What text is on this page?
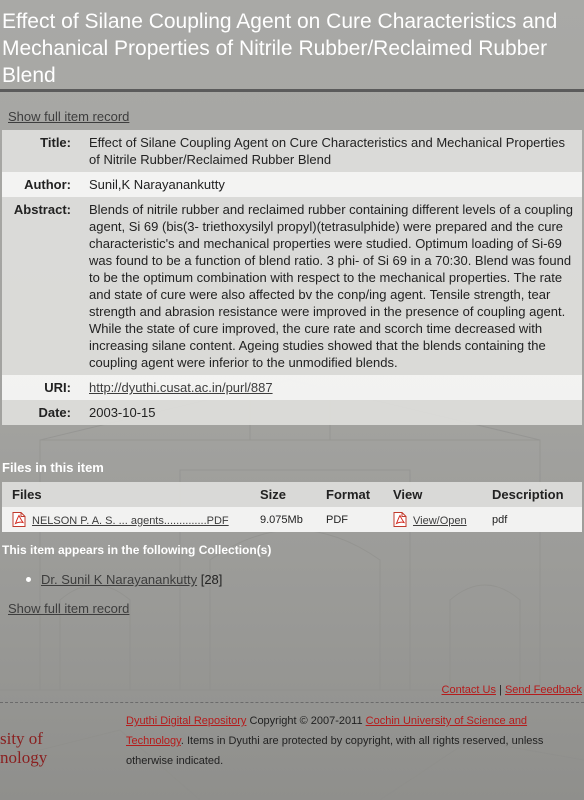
Effect of Silane Coupling Agent on Cure Characteristics and Mechanical Properties of Nitrile Rubber/Reclaimed Rubber Blend
Show full item record
Title:	Effect of Silane Coupling Agent on Cure Characteristics and Mechanical Properties of Nitrile Rubber/Reclaimed Rubber Blend
Author:	Sunil,K Narayanankutty
Abstract:	Blends of nitrile rubber and reclaimed rubber containing different levels of a coupling agent, Si 69 (bis(3- triethoxysilyl propyl)(tetrasulphide) were prepared and the cure characteristic's and mechanical properties were studied. Optimum loading of Si-69 was found to be a function of blend ratio. 3 phi- of Si 69 in a 70:30. Blend was found to be the optimum combination with respect to the mechanical properties. The rate and state of cure were also affected bv the conp/ing agent. Tensile strength, tear strength and abrasion resistance were improved in the presence of coupling agent. While the state of cure improved, the cure rate and scorch time decreased with increasing silane content. Ageing studies showed that the blends containing the coupling agent were inferior to the unmodified blends.
URI:	http://dyuthi.cusat.ac.in/purl/887
Date:	2003-10-15
Files in this item
Files	Size	Format	View	Description
NELSON P. A. S. ... agents..............PDF	9.075Mb	PDF	View/Open	pdf
This item appears in the following Collection(s)
Dr. Sunil K Narayanankutty [28]
Show full item record
Contact Us | Send Feedback
sity of
nology
Dyuthi Digital Repository Copyright © 2007-2011 Cochin University of Science and Technology. Items in Dyuthi are protected by copyright, with all rights reserved, unless otherwise indicated.
